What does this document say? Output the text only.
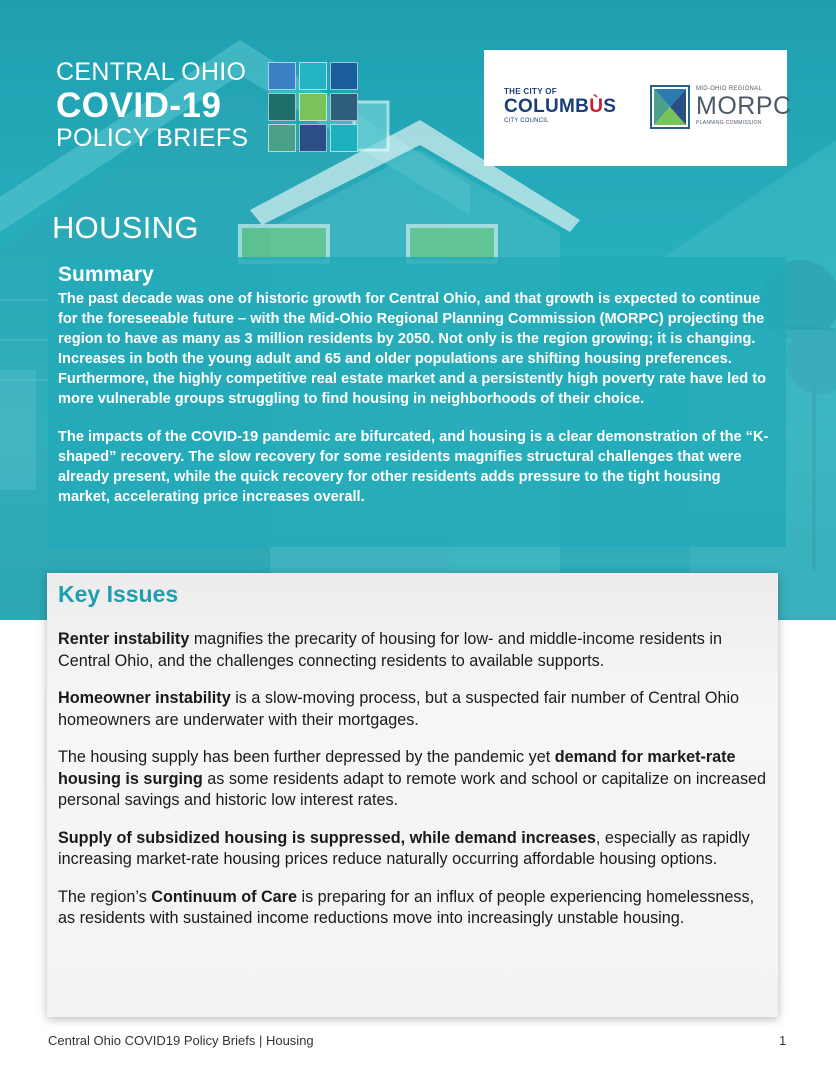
CENTRAL OHIO
COVID-19
POLICY BRIEFS
THE CITY OF
COLUMBÙS
CITY COUNCIL
MID-OHIO REGIONAL
MORPC
PLANNING COMMISSION
HOUSING
Summary

The past decade was one of historic growth for Central Ohio, and that growth is expected to continue for the foreseeable future – with the Mid-Ohio Regional Planning Commission (MORPC) projecting the region to have as many as 3 million residents by 2050. Not only is the region growing; it is changing. Increases in both the young adult and 65 and older populations are shifting housing preferences. Furthermore, the highly competitive real estate market and a persistently high poverty rate have led to more vulnerable groups struggling to find housing in neighborhoods of their choice.

The impacts of the COVID-19 pandemic are bifurcated, and housing is a clear demonstration of the “K-shaped” recovery. The slow recovery for some residents magnifies structural challenges that were already present, while the quick recovery for other residents adds pressure to the tight housing market, accelerating price increases overall.

Key Issues

Renter instability magnifies the precarity of housing for low- and middle-income residents in Central Ohio, and the challenges connecting residents to available supports.

Homeowner instability is a slow-moving process, but a suspected fair number of Central Ohio homeowners are underwater with their mortgages.

The housing supply has been further depressed by the pandemic yet demand for market-rate housing is surging as some residents adapt to remote work and school or capitalize on increased personal savings and historic low interest rates.

Supply of subsidized housing is suppressed, while demand increases, especially as rapidly increasing market-rate housing prices reduce naturally occurring affordable housing options.

The region’s Continuum of Care is preparing for an influx of people experiencing homelessness, as residents with sustained income reductions move into increasingly unstable housing.

Central Ohio COVID19 Policy Briefs | Housing	1
